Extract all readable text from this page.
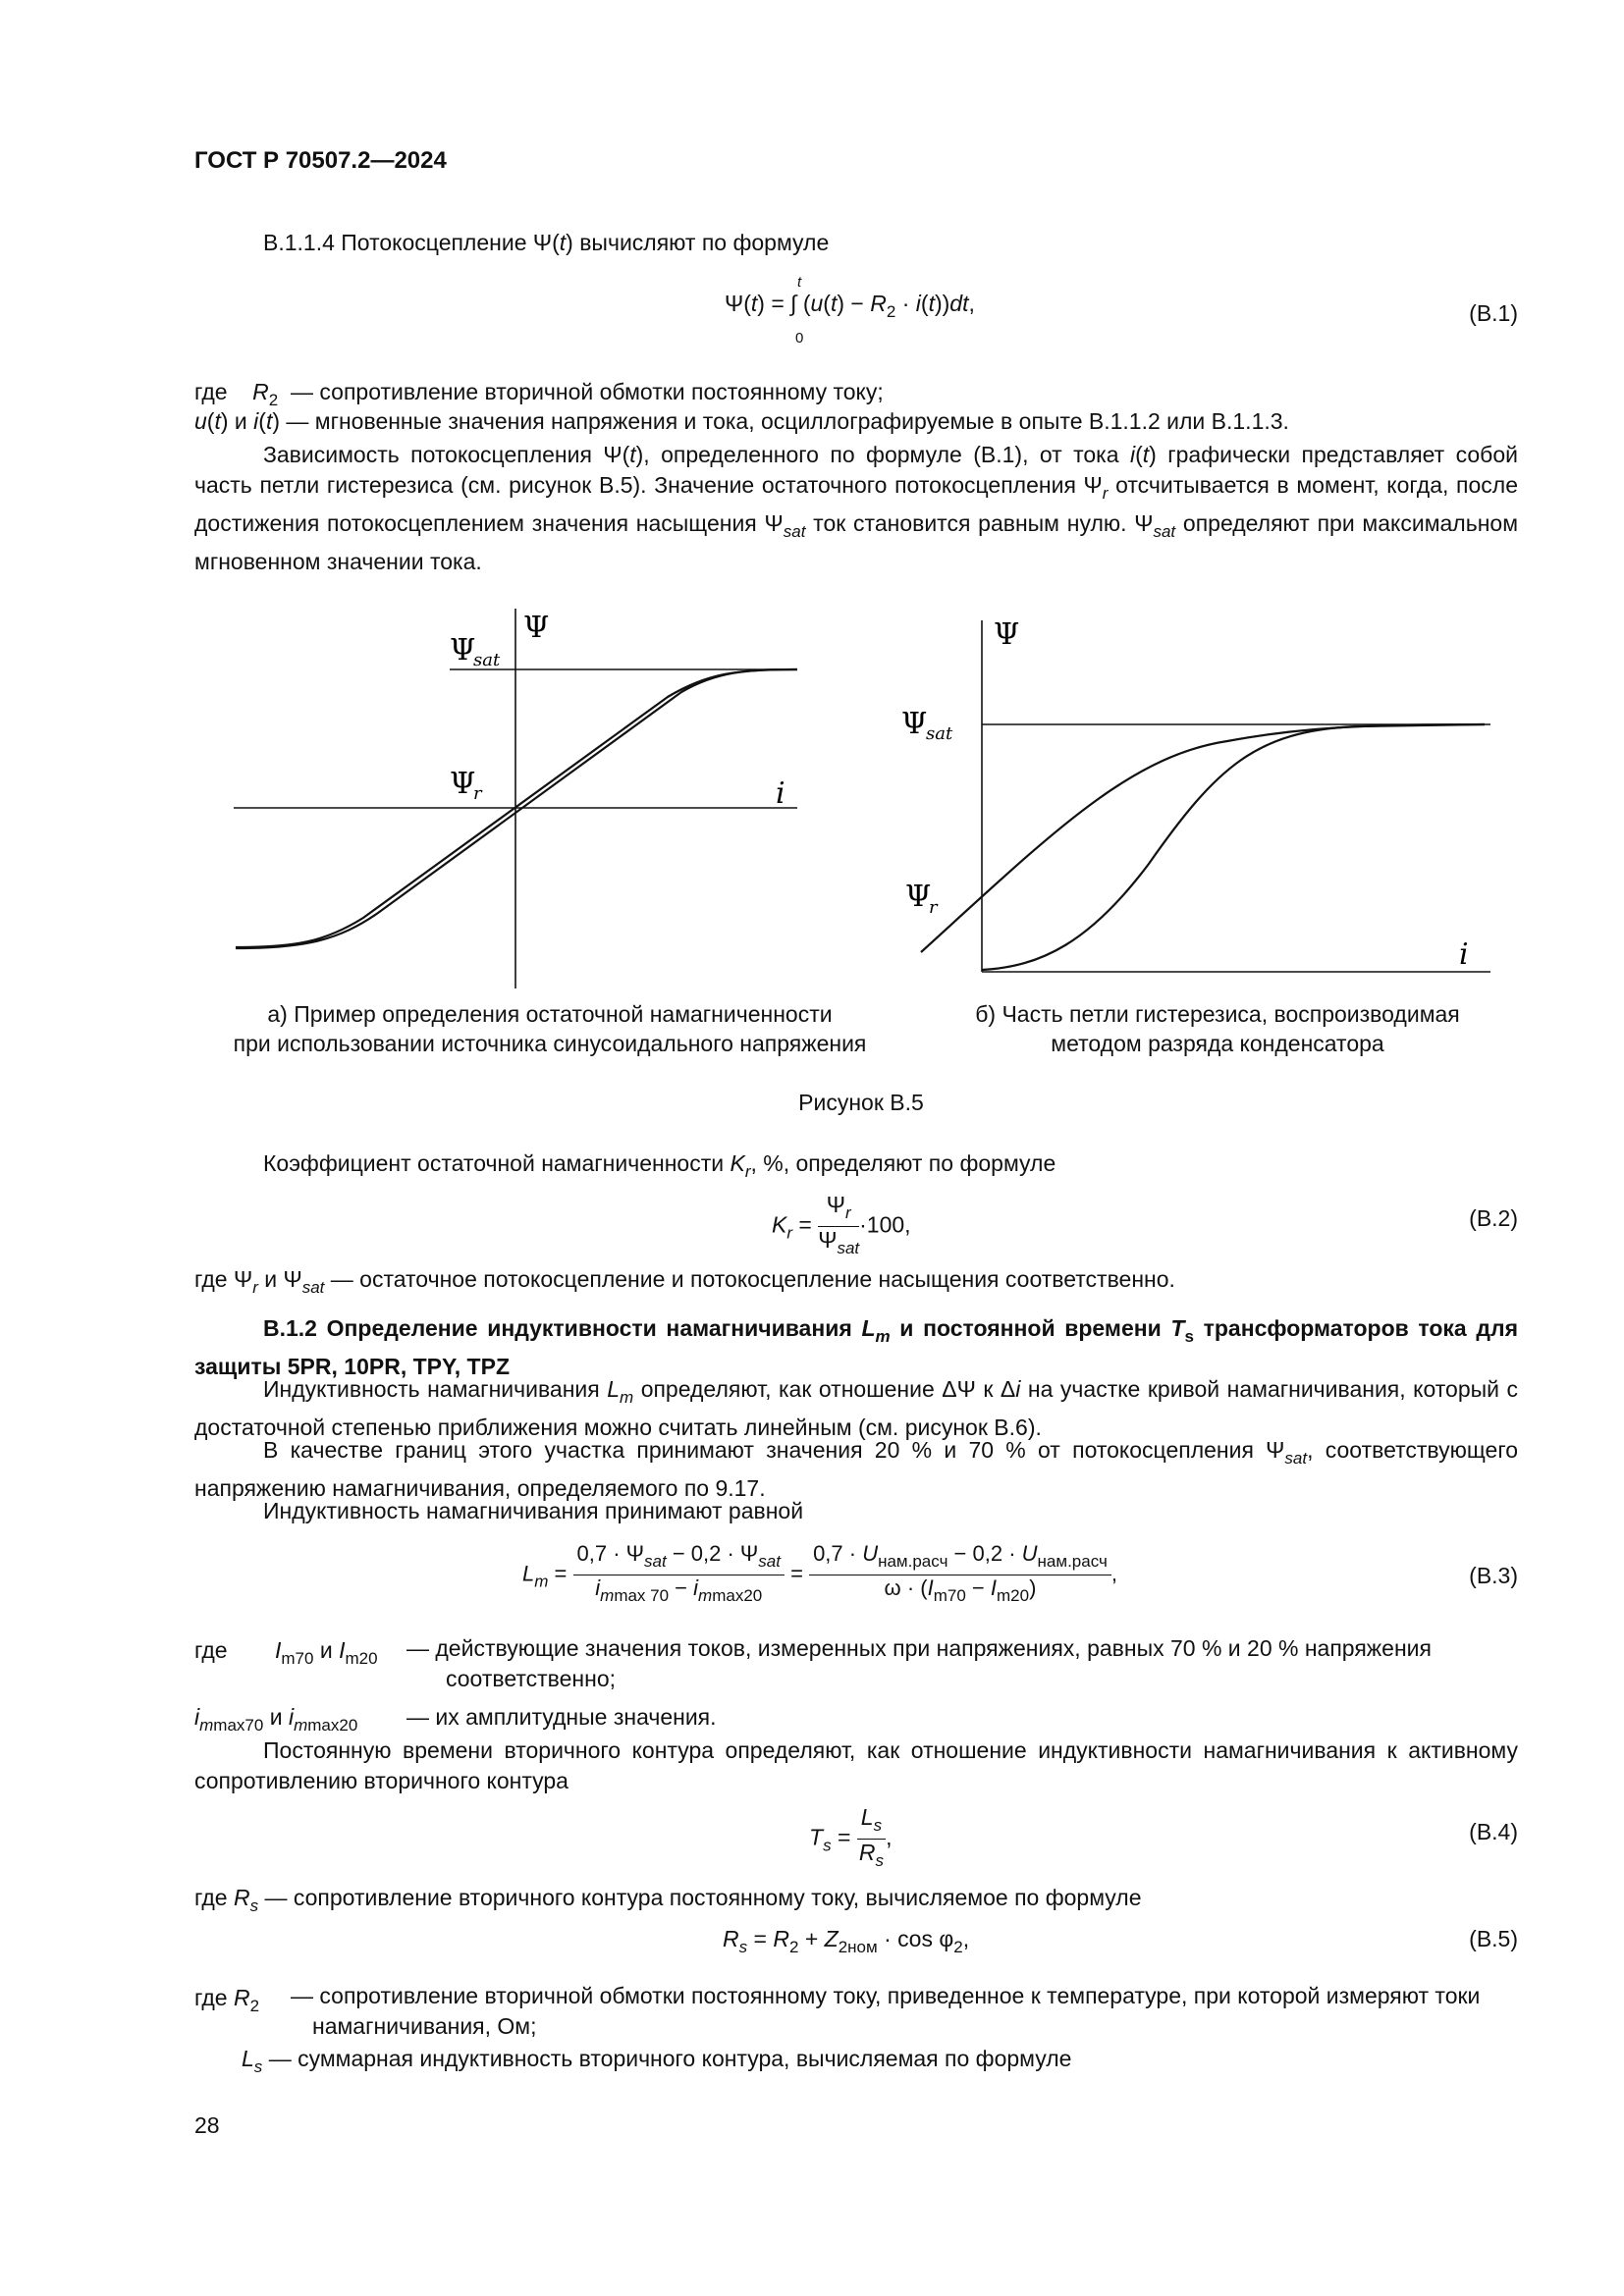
ГОСТ Р 70507.2—2024
В.1.1.4 Потокосцепление Ψ(t) вычисляют по формуле
Ψ(t) = ∫ $(u(t) - R_2 \cdot i(t))dt$,
t
0
(В.1)
где $R_2$ — сопротивление вторичной обмотки постоянному току;
u(t) и i(t) — мгновенные значения напряжения и тока, осциллографируемые в опыте В.1.1.2 или В.1.1.3.
Зависимость потокосцепления Ψ(t), определенного по формуле (В.1), от тока i(t) графически представляет собой часть петли гистерезиса (см. рисунок В.5). Значение остаточного потокосцепления $\Psi_r$ отсчитывается в момент, когда, после достижения потокосцеплением значения насыщения $\Psi_{sat}$ ток становится равным нулю. $\Psi_{sat}$ определяют при максимальном мгновенном значении тока.
Ψ
Ψ
sat
Ψ
r	i
Ψ
Ψ
sat
Ψ
r
i
а) Пример определения остаточной намагниченности
при использовании источника синусоидального напряжения
б) Часть петли гистерезиса, воспроизводимая
методом разряда конденсатора
Рисунок В.5
Коэффициент остаточной намагниченности $K_r$, %, определяют по формуле
$K_r = \frac{\Psi_r}{\Psi_{sat}} \cdot 100$,	(В.2)
где $\Psi_r$ и $\Psi_{sat}$ — остаточное потокосцепление и потокосцепление насыщения соответственно.
В.1.2 Определение индуктивности намагничивания $L_m$ и постоянной времени $T_s$ трансформаторов тока для защиты 5PR, 10PR, TPY, TPZ
Индуктивность намагничивания $L_m$ определяют, как отношение ΔΨ к Δi на участке кривой намагничивания, который с достаточной степенью приближения можно считать линейным (см. рисунок В.6).
В качестве границ этого участка принимают значения 20 % и 70 % от потокосцепления $\Psi_{sat}$, соответствующего напряжению намагничивания, определяемого по 9.17.
Индуктивность намагничивания принимают равной
$L_m = \frac{0,7 \cdot \Psi_{sat} - 0,2 \cdot \Psi_{sat}}{i_{mmax 70} - i_{mmax20}} = \frac{0,7 \cdot U_{нам.расч} - 0,2 \cdot U_{нам.расч}}{\omega \cdot (I_{m70} - I_{m20})}$ ,	(В.3)
где $I_{m70}$ и $I_{m20}$ — действующие значения токов, измеренных при напряжениях, равных 70 % и 20 % напряжения соответственно;
$i_{mmax70}$ и $i_{mmax20}$ — их амплитудные значения.
Постоянную времени вторичного контура определяют, как отношение индуктивности намагничивания к активному сопротивлению вторичного контура
$T_s = \frac{L_s}{R_s}$ ,	(В.4)
где $R_s$ — сопротивление вторичного контура постоянному току, вычисляемое по формуле
$R_s = R_2 + Z_{2ном} \cdot \cos \varphi_2$,	(В.5)
где $R_2$ — сопротивление вторичной обмотки постоянному току, приведенное к температуре, при которой измеряют токи намагничивания, Ом;
$L_s$ — суммарная индуктивность вторичного контура, вычисляемая по формуле
28
